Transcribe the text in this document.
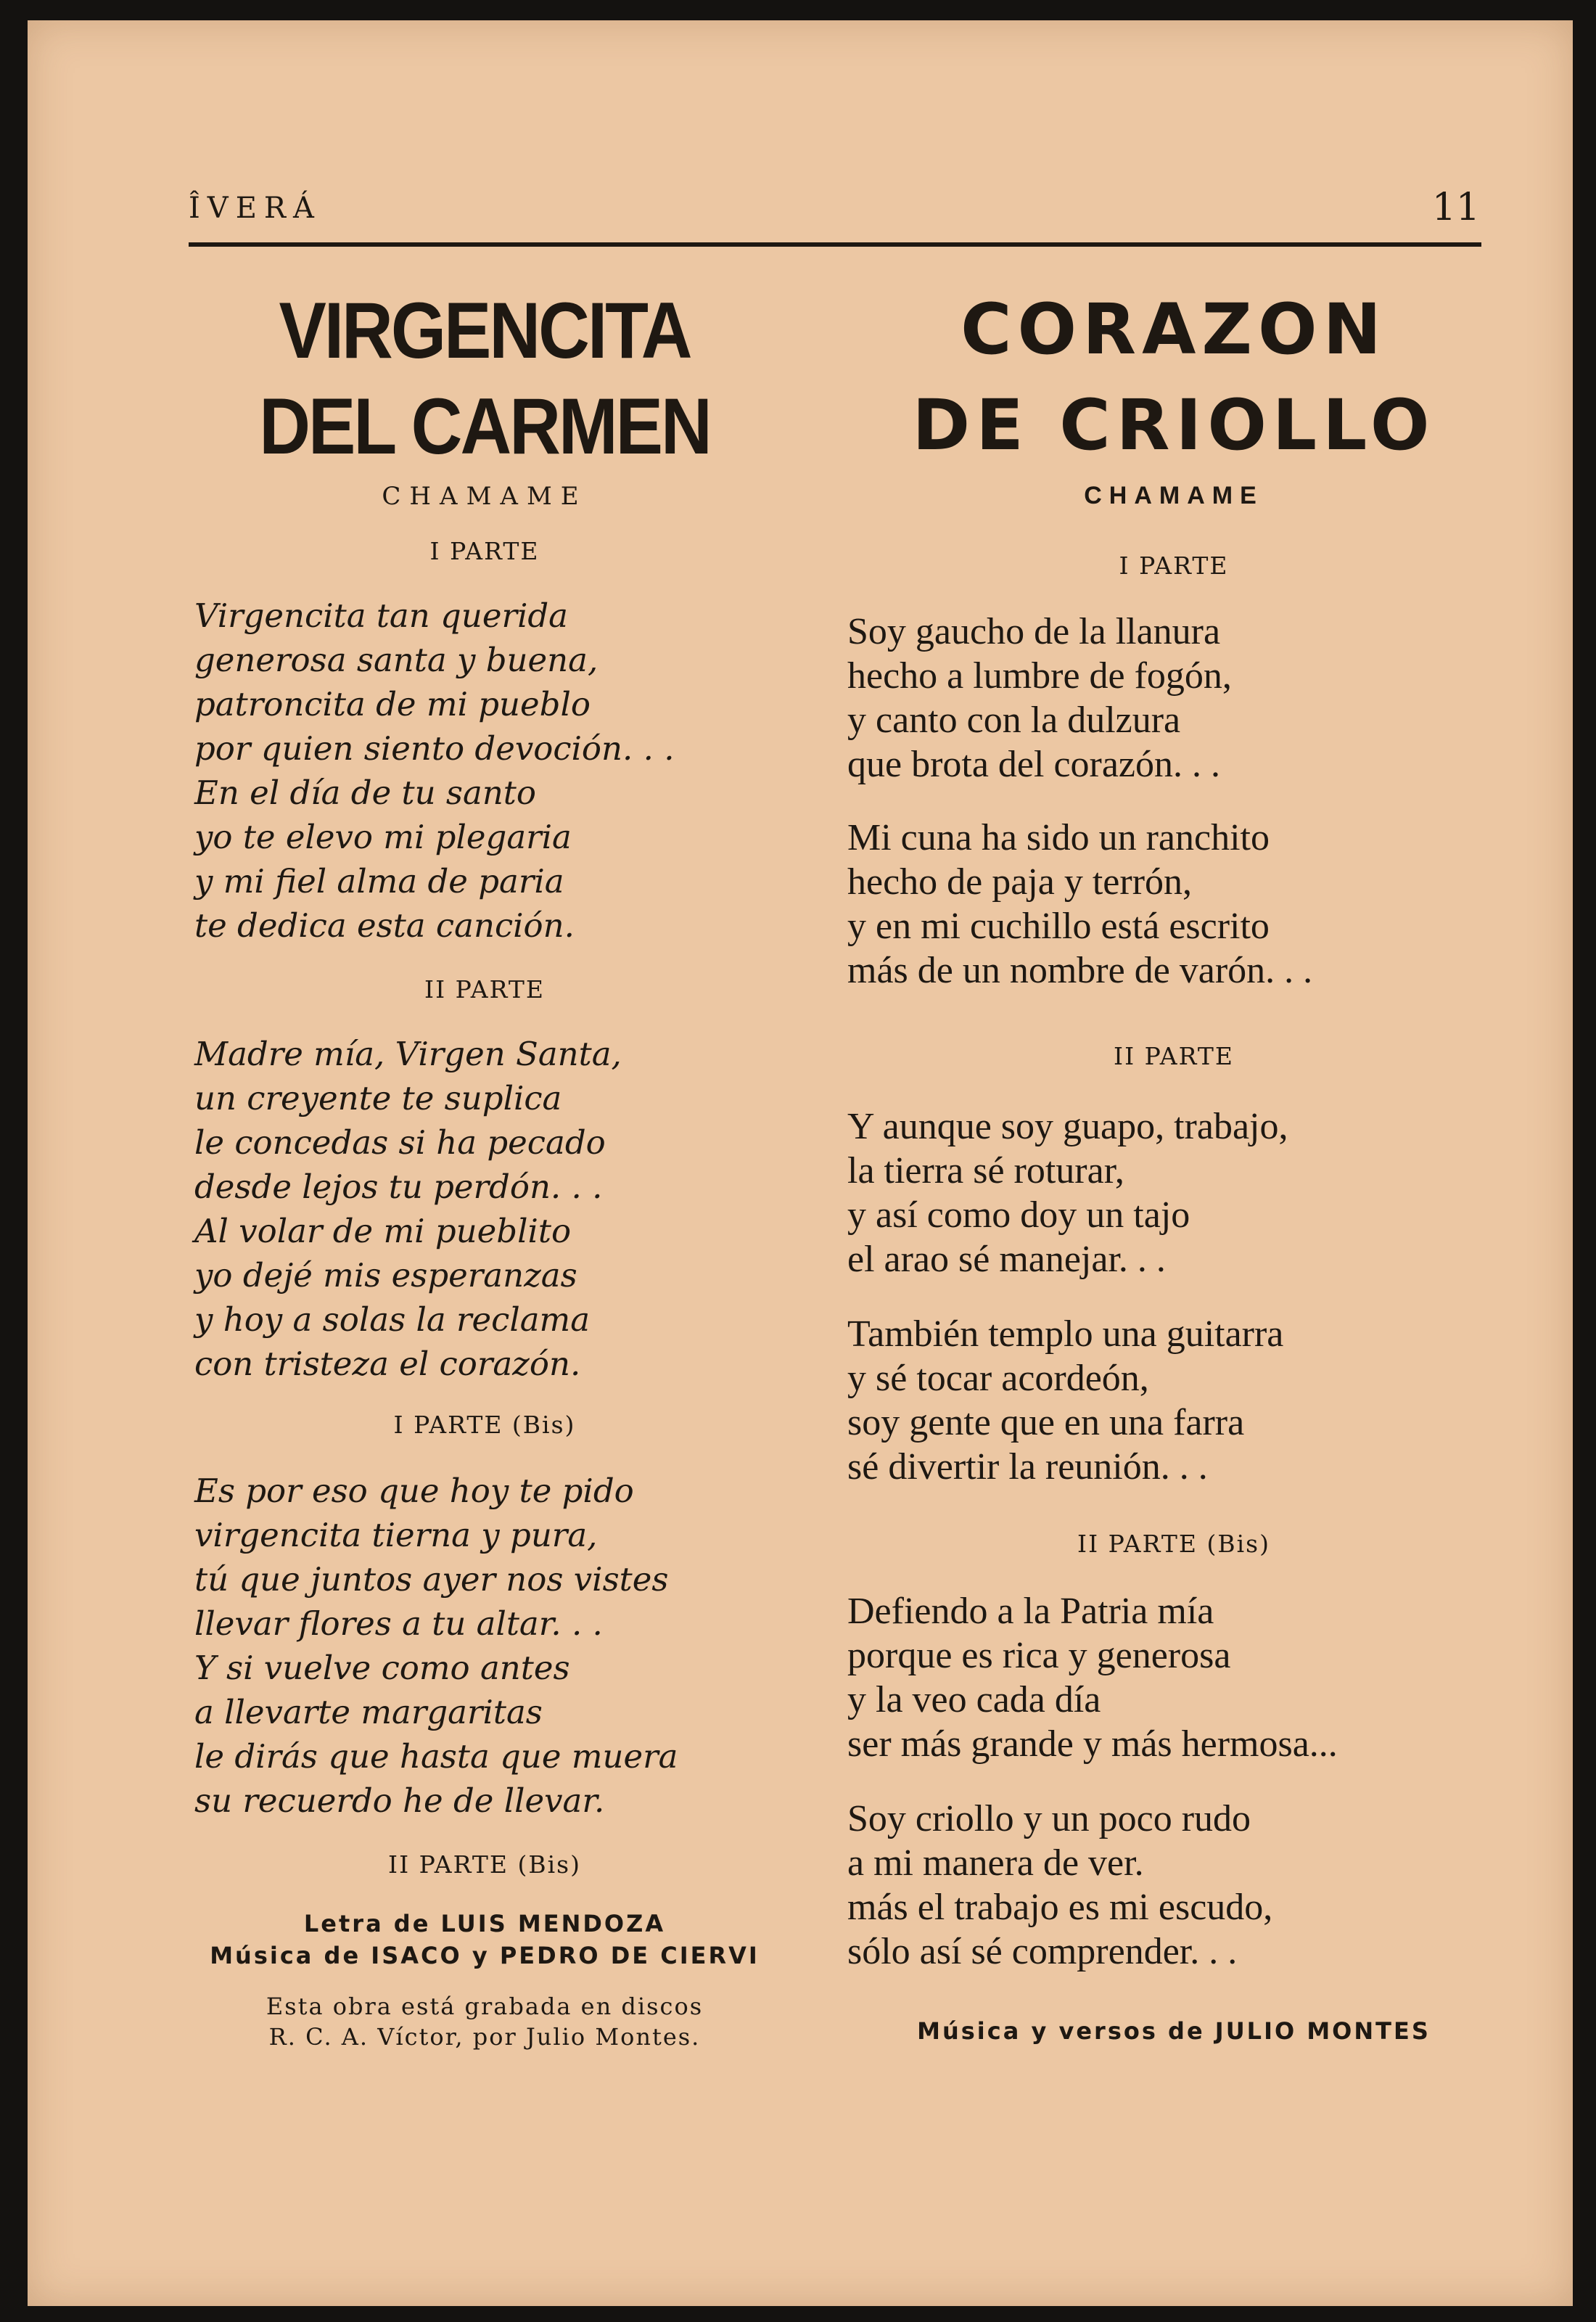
ÎVERÁ	11
VIRGENCITA
DEL CARMEN
CHAMAME
I PARTE
Virgencita tan querida
generosa santa y buena,
patroncita de mi pueblo
por quien siento devoción. . .
En el día de tu santo
yo te elevo mi plegaria
y mi fiel alma de paria
te dedica esta canción.
II PARTE
Madre mía, Virgen Santa,
un creyente te suplica
le concedas si ha pecado
desde lejos tu perdón. . .
Al volar de mi pueblito
yo dejé mis esperanzas
y hoy a solas la reclama
con tristeza el corazón.
I PARTE (Bis)
Es por eso que hoy te pido
virgencita tierna y pura,
tú que juntos ayer nos vistes
llevar flores a tu altar. . .
Y si vuelve como antes
a llevarte margaritas
le dirás que hasta que muera
su recuerdo he de llevar.
II PARTE (Bis)
Letra de LUIS MENDOZA
Música de ISACO y PEDRO DE CIERVI
Esta obra está grabada en discos
R. C. A. Víctor, por Julio Montes.
CORAZON
DE CRIOLLO
CHAMAME
I PARTE
Soy gaucho de la llanura
hecho a lumbre de fogón,
y canto con la dulzura
que brota del corazón. . .
Mi cuna ha sido un ranchito
hecho de paja y terrón,
y en mi cuchillo está escrito
más de un nombre de varón. . .
II PARTE
Y aunque soy guapo, trabajo,
la tierra sé roturar,
y así como doy un tajo
el arao sé manejar. . .
También templo una guitarra
y sé tocar acordeón,
soy gente que en una farra
sé divertir la reunión. . .
II PARTE (Bis)
Defiendo a la Patria mía
porque es rica y generosa
y la veo cada día
ser más grande y más hermosa...
Soy criollo y un poco rudo
a mi manera de ver.
más el trabajo es mi escudo,
sólo así sé comprender. . .
Música y versos de JULIO MONTES
